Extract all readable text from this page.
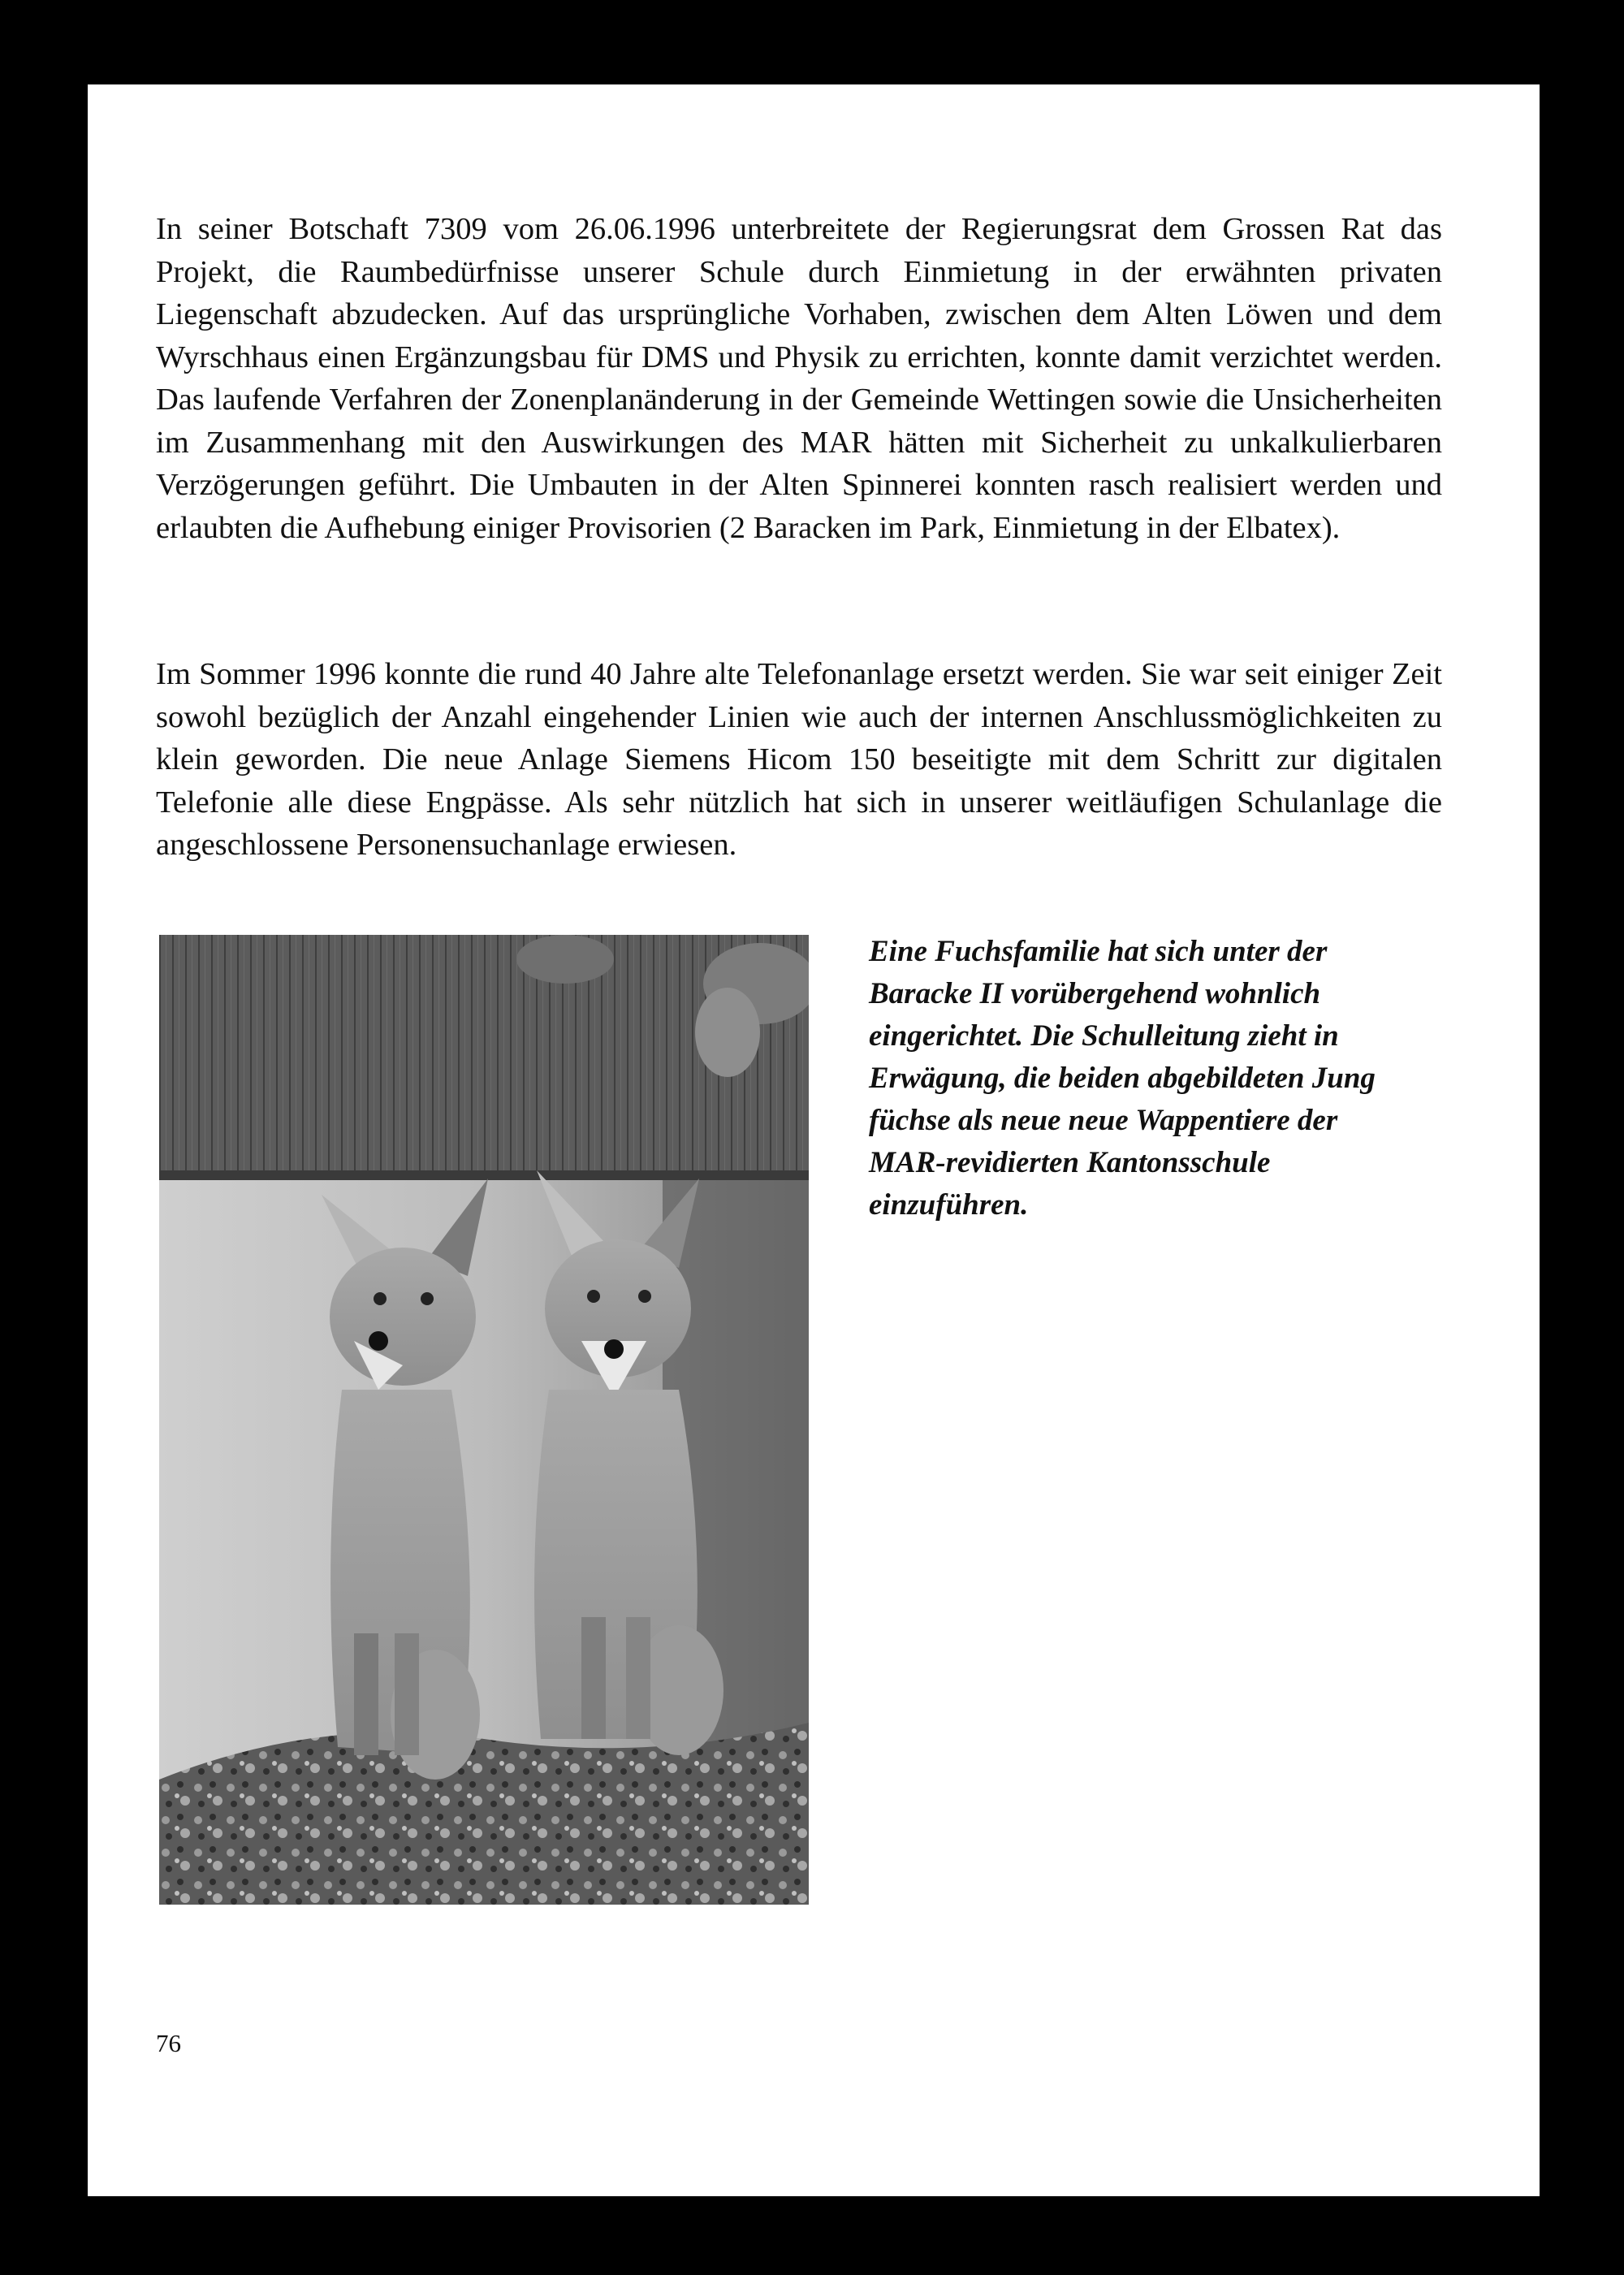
In seiner Botschaft 7309 vom 26.06.1996 unterbreitete der Regierungsrat dem Grossen Rat das Projekt, die Raumbedürfnisse unserer Schule durch Einmietung in der erwähnten privaten Liegenschaft abzudecken. Auf das ursprüngliche Vorhaben, zwischen dem Alten Löwen und dem Wyrschhaus einen Ergänzungsbau für DMS und Physik zu errichten, konnte damit verzichtet werden. Das laufende Verfahren der Zonenplanänderung in der Gemeinde Wettingen sowie die Unsicherheiten im Zusammenhang mit den Auswirkungen des MAR hätten mit Sicherheit zu unkalkulierbaren Verzögerungen geführt. Die Umbauten in der Alten Spinnerei konnten rasch realisiert werden und erlaubten die Aufhebung einiger Provisorien (2 Baracken im Park, Einmietung in der Elbatex).

Im Sommer 1996 konnte die rund 40 Jahre alte Telefonanlage ersetzt werden. Sie war seit einiger Zeit sowohl bezüglich der Anzahl eingehender Linien wie auch der internen Anschlussmöglichkeiten zu klein geworden. Die neue Anlage Siemens Hicom 150 beseitigte mit dem Schritt zur digitalen Telefonie alle diese Engpässe. Als sehr nützlich hat sich in unserer weitläufigen Schulanlage die angeschlossene Personensuchanlage erwiesen.

Eine Fuchsfamilie hat sich unter der Baracke II vorübergehend wohnlich eingerichtet. Die Schulleitung zieht in Erwägung, die beiden abgebildeten Jung füchse als neue neue Wappentiere der MAR-revidierten Kantonsschule einzuführen.

76
